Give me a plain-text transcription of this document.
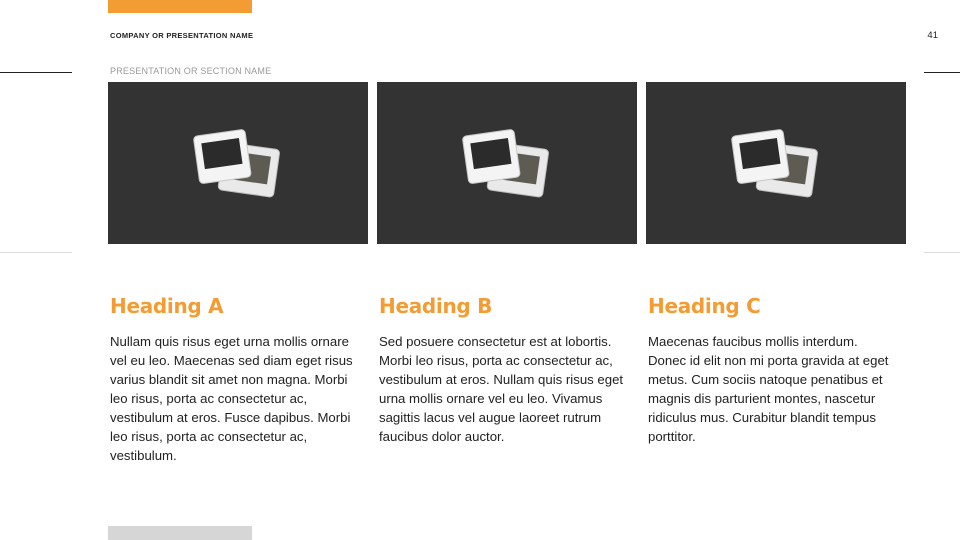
COMPANY OR PRESENTATION NAME	41
PRESENTATION OR SECTION NAME
Heading A	Heading B	Heading C
Nullam quis risus eget urna mollis ornare vel eu leo. Maecenas sed diam eget risus varius blandit sit amet non magna. Morbi leo risus, porta ac consectetur ac, vestibulum at eros. Fusce dapibus. Morbi leo risus, porta ac consectetur ac, vestibulum.
Sed posuere consectetur est at lobortis. Morbi leo risus, porta ac consectetur ac, vestibulum at eros. Nullam quis risus eget urna mollis ornare vel eu leo. Vivamus sagittis lacus vel augue laoreet rutrum faucibus dolor auctor.
Maecenas faucibus mollis interdum. Donec id elit non mi porta gravida at eget metus. Cum sociis natoque penatibus et magnis dis parturient montes, nascetur ridiculus mus. Curabitur blandit tempus porttitor.
